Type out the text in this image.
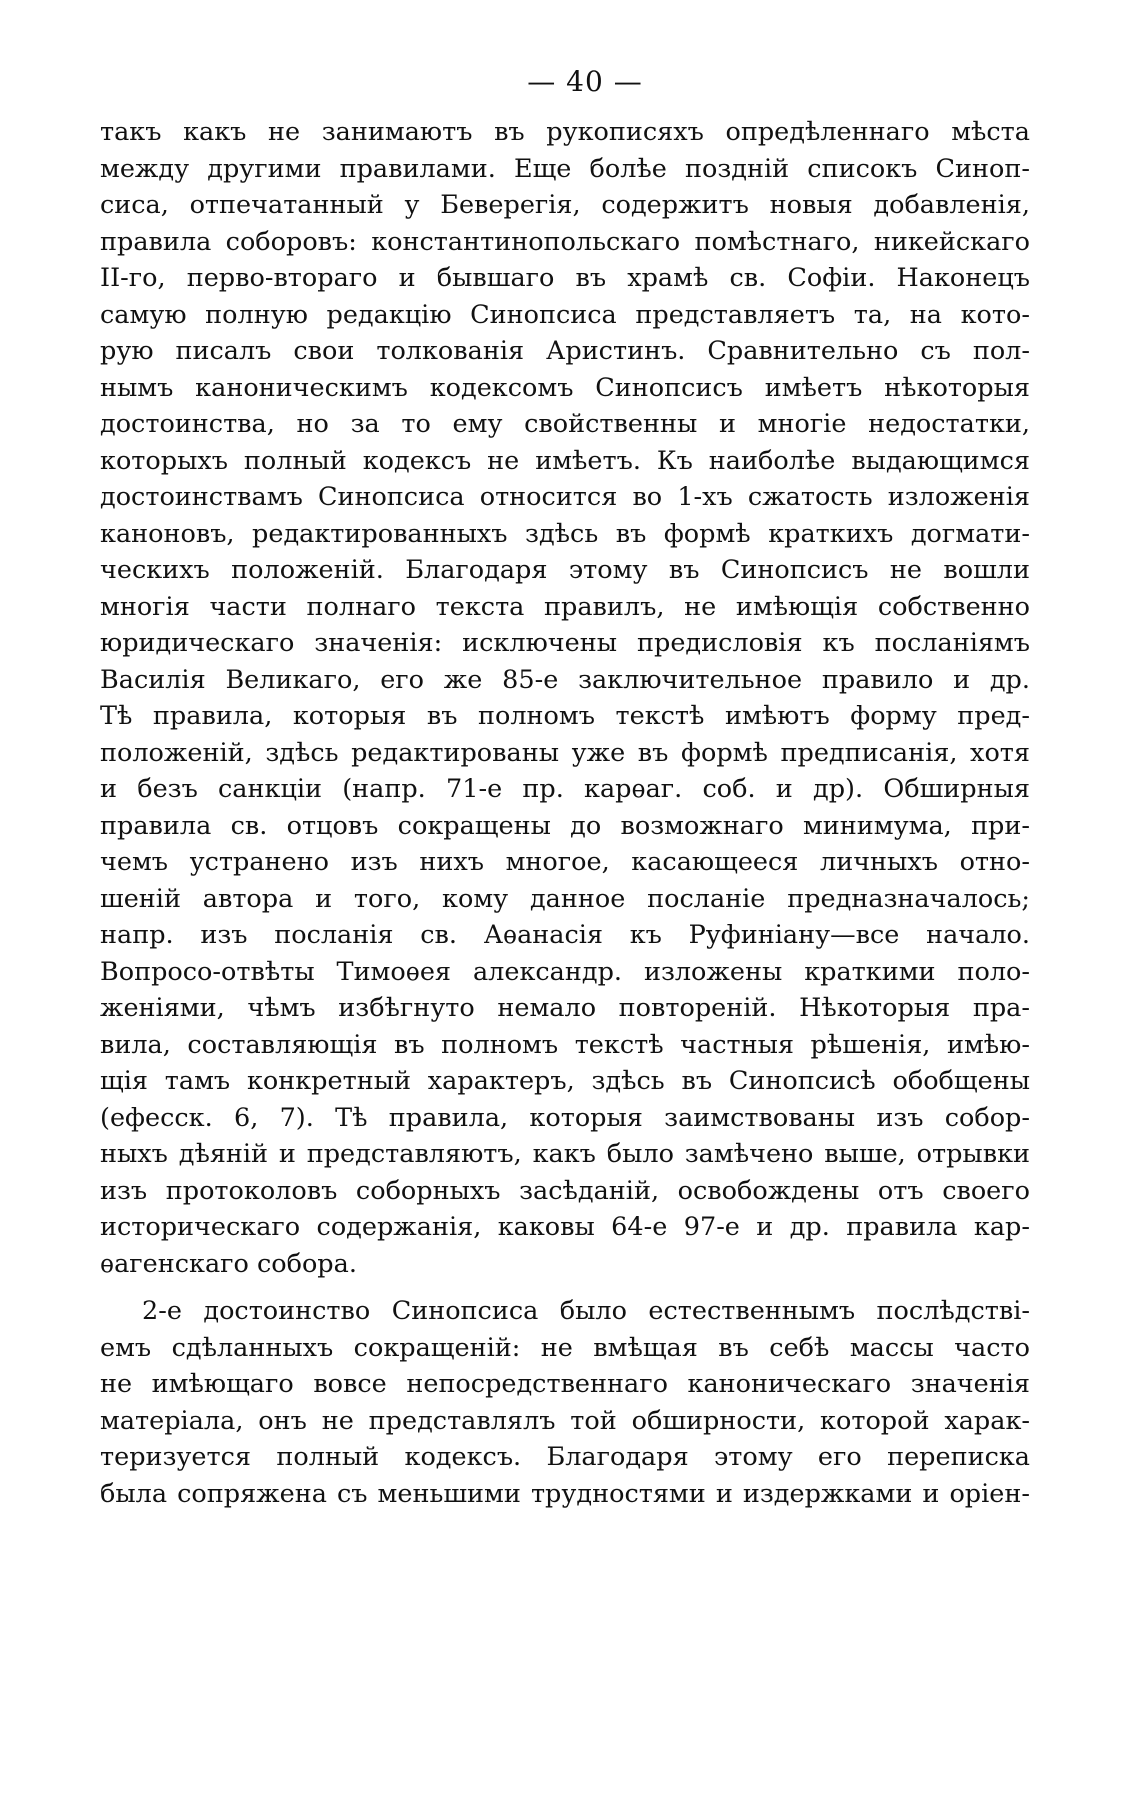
— 40 —
такъ какъ не занимаютъ въ рукописяхъ опредѣленнаго мѣста
между другими правилами. Еще болѣе поздній списокъ Синоп-
сиса, отпечатанный у Беверегія, содержитъ новыя добавленія,
правила соборовъ: константинопольскаго помѣстнаго, никейскаго
II-го, перво-втораго и бывшаго въ храмѣ св. Софіи. Наконецъ
самую полную редакцію Синопсиса представляетъ та, на кото-
рую писалъ свои толкованія Аристинъ. Сравнительно съ пол-
нымъ каноническимъ кодексомъ Синопсисъ имѣетъ нѣкоторыя
достоинства, но за то ему свойственны и многіе недостатки,
которыхъ полный кодексъ не имѣетъ. Къ наиболѣе выдающимся
достоинствамъ Синопсиса относится во 1-хъ сжатость изложенія
каноновъ, редактированныхъ здѣсь въ формѣ краткихъ догмати-
ческихъ положеній. Благодаря этому въ Синопсисъ не вошли
многія части полнаго текста правилъ, не имѣющія собственно
юридическаго значенія: исключены предисловія къ посланіямъ
Василія Великаго, его же 85-е заключительное правило и др.
Тѣ правила, которыя въ полномъ текстѣ имѣютъ форму пред-
положеній, здѣсь редактированы уже въ формѣ предписанія, хотя
и безъ санкціи (напр. 71-е пр. карѳаг. соб. и др). Обширныя
правила св. отцовъ сокращены до возможнаго минимума, при-
чемъ устранено изъ нихъ многое, касающееся личныхъ отно-
шеній автора и того, кому данное посланіе предназначалось;
напр. изъ посланія св. Аѳанасія къ Руфиніану—все начало.
Вопросо-отвѣты Тимоѳея александр. изложены краткими поло-
женіями, чѣмъ избѣгнуто немало повтореній. Нѣкоторыя пра-
вила, составляющія въ полномъ текстѣ частныя рѣшенія, имѣю-
щія тамъ конкретный характеръ, здѣсь въ Синопсисѣ обобщены
(ефесск. 6, 7). Тѣ правила, которыя заимствованы изъ собор-
ныхъ дѣяній и представляютъ, какъ было замѣчено выше, отрывки
изъ протоколовъ соборныхъ засѣданій, освобождены отъ своего
историческаго содержанія, каковы 64-е 97-е и др. правила кар-
ѳагенскаго собора.
2-е достоинство Синопсиса было естественнымъ послѣдстві-
емъ сдѣланныхъ сокращеній: не вмѣщая въ себѣ массы часто
не имѣющаго вовсе непосредственнаго каноническаго значенія
матеріала, онъ не представлялъ той обширности, которой харак-
теризуется полный кодексъ. Благодаря этому его переписка
была сопряжена съ меньшими трудностями и издержками и оріен-
